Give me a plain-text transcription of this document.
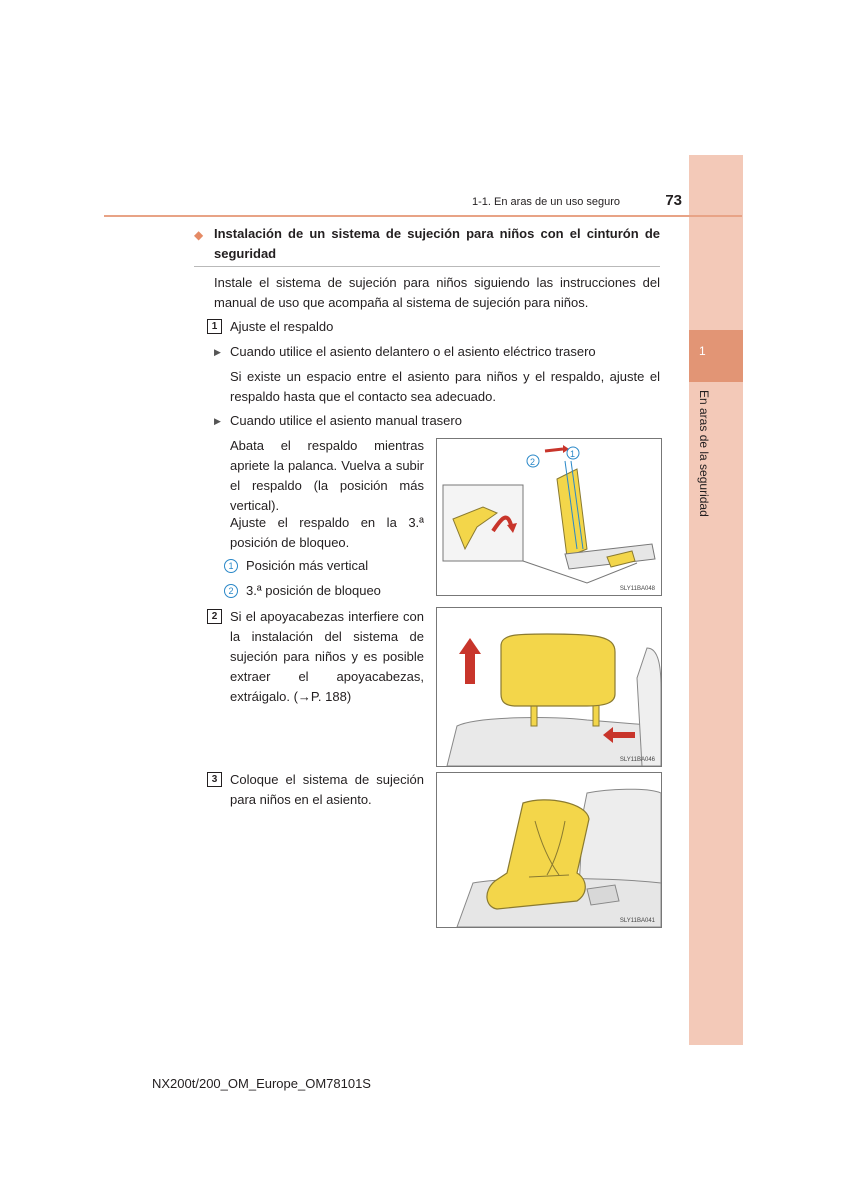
1
En aras de la seguridad
1-1. En aras de un uso seguro	73
◆ Instalación de un sistema de sujeción para niños con el cinturón de seguridad
Instale el sistema de sujeción para niños siguiendo las instrucciones del manual de uso que acompaña al sistema de sujeción para niños.
1 Ajuste el respaldo
▶ Cuando utilice el asiento delantero o el asiento eléctrico trasero
Si existe un espacio entre el asiento para niños y el respaldo, ajuste el respaldo hasta que el contacto sea adecuado.
▶ Cuando utilice el asiento manual trasero
Abata el respaldo mientras apriete la palanca. Vuelva a subir el respaldo (la posición más vertical).
Ajuste el respaldo en la 3.ª posición de bloqueo.
1 Posición más vertical
2 3.ª posición de bloqueo
2
1
SLY11BA048
2 Si el apoyacabezas interfiere con la instalación del sistema de sujeción para niños y es posible extraer el apoyacabezas, extráigalo. (→P. 188)
SLY11BA046
3 Coloque el sistema de sujeción para niños en el asiento.
SLY11BA041
NX200t/200_OM_Europe_OM78101S
